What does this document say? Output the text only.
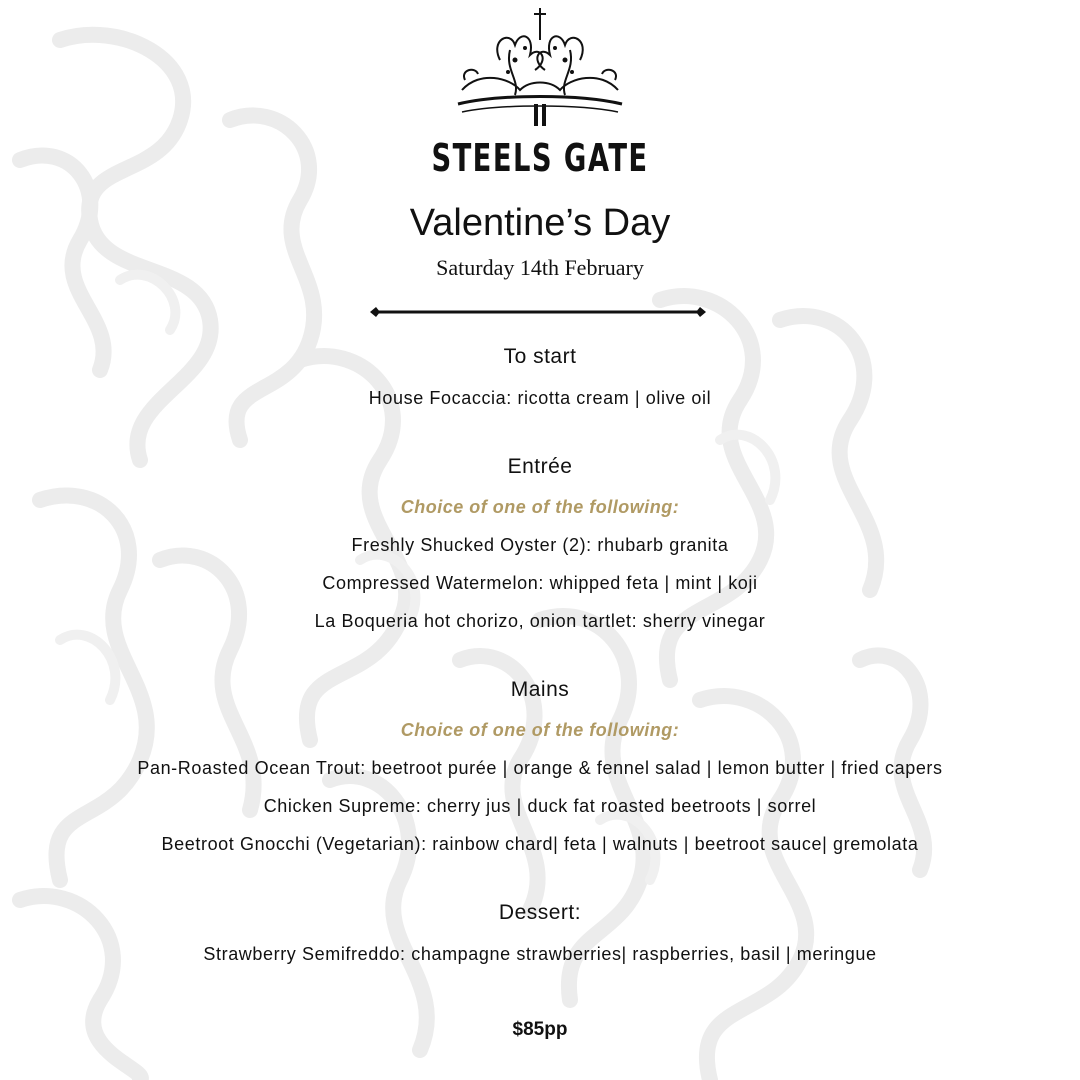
STEELS GATE
Valentine’s Day
Saturday 14th February
To start
House Focaccia: ricotta cream | olive oil
Entrée
Choice of one of the following:
Freshly Shucked Oyster (2): rhubarb granita
Compressed Watermelon: whipped feta | mint | koji
La Boqueria hot chorizo, onion tartlet: sherry vinegar
Mains
Choice of one of the following:
Pan-Roasted Ocean Trout: beetroot purée | orange & fennel salad | lemon butter | fried capers
Chicken Supreme: cherry jus | duck fat roasted beetroots | sorrel
Beetroot Gnocchi (Vegetarian): rainbow chard| feta | walnuts | beetroot sauce| gremolata
Dessert:
Strawberry Semifreddo: champagne strawberries| raspberries, basil | meringue
$85pp
